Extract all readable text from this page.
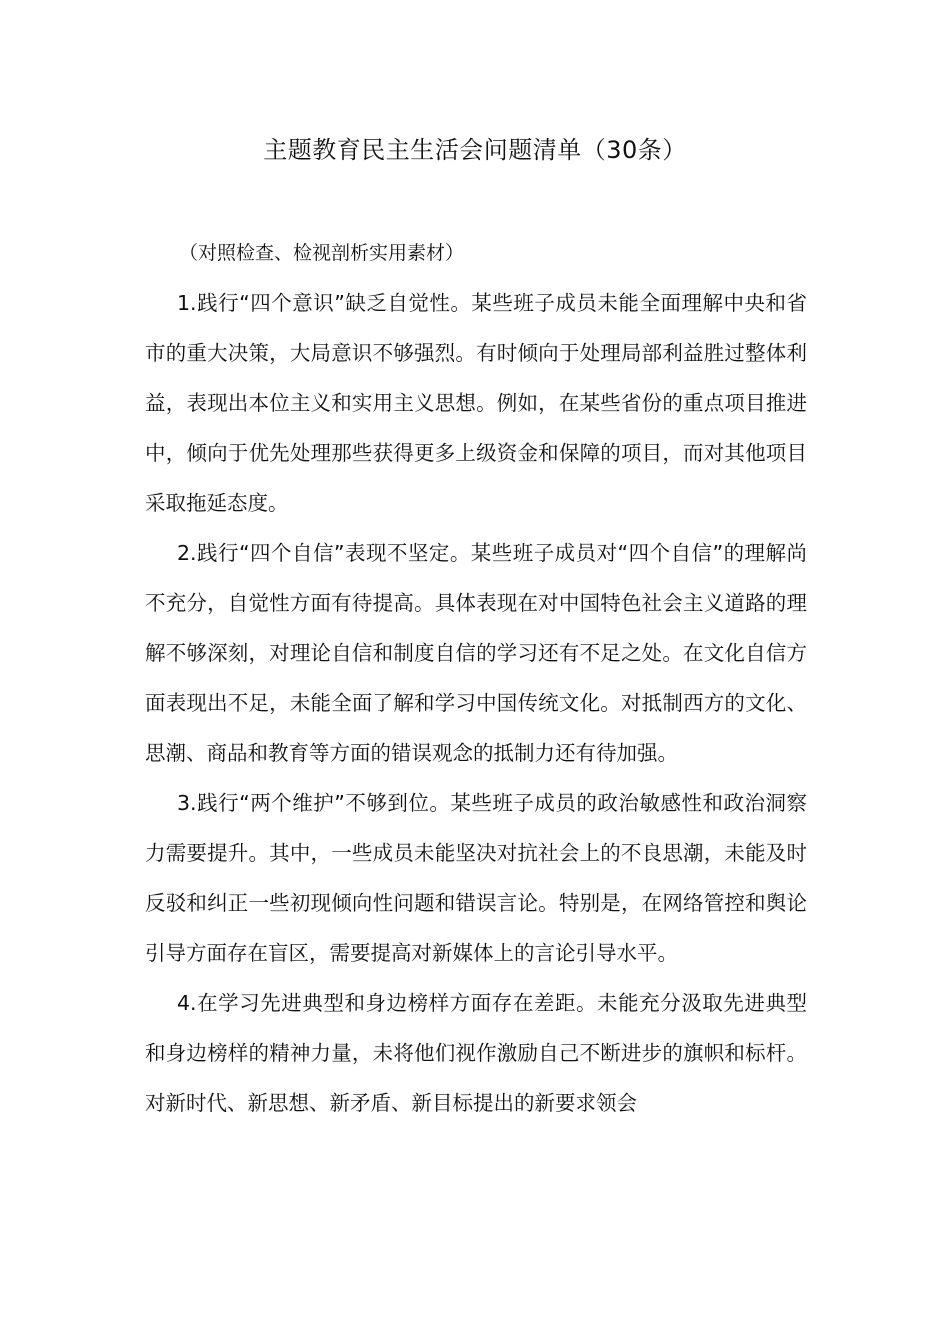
主题教育民主生活会问题清单（30条）

（对照检查、检视剖析实用素材）

1.践行“四个意识”缺乏自觉性。某些班子成员未能全面理解中央和省市的重大决策，大局意识不够强烈。有时倾向于处理局部利益胜过整体利益，表现出本位主义和实用主义思想。例如，在某些省份的重点项目推进中，倾向于优先处理那些获得更多上级资金和保障的项目，而对其他项目采取拖延态度。

2.践行“四个自信”表现不坚定。某些班子成员对“四个自信”的理解尚不充分，自觉性方面有待提高。具体表现在对中国特色社会主义道路的理解不够深刻，对理论自信和制度自信的学习还有不足之处。在文化自信方面表现出不足，未能全面了解和学习中国传统文化。对抵制西方的文化、思潮、商品和教育等方面的错误观念的抵制力还有待加强。

3.践行“两个维护”不够到位。某些班子成员的政治敏感性和政治洞察力需要提升。其中，一些成员未能坚决对抗社会上的不良思潮，未能及时反驳和纠正一些初现倾向性问题和错误言论。特别是，在网络管控和舆论引导方面存在盲区，需要提高对新媒体上的言论引导水平。

4.在学习先进典型和身边榜样方面存在差距。未能充分汲取先进典型和身边榜样的精神力量，未将他们视作激励自己不断进步的旗帜和标杆。对新时代、新思想、新矛盾、新目标提出的新要求领会
